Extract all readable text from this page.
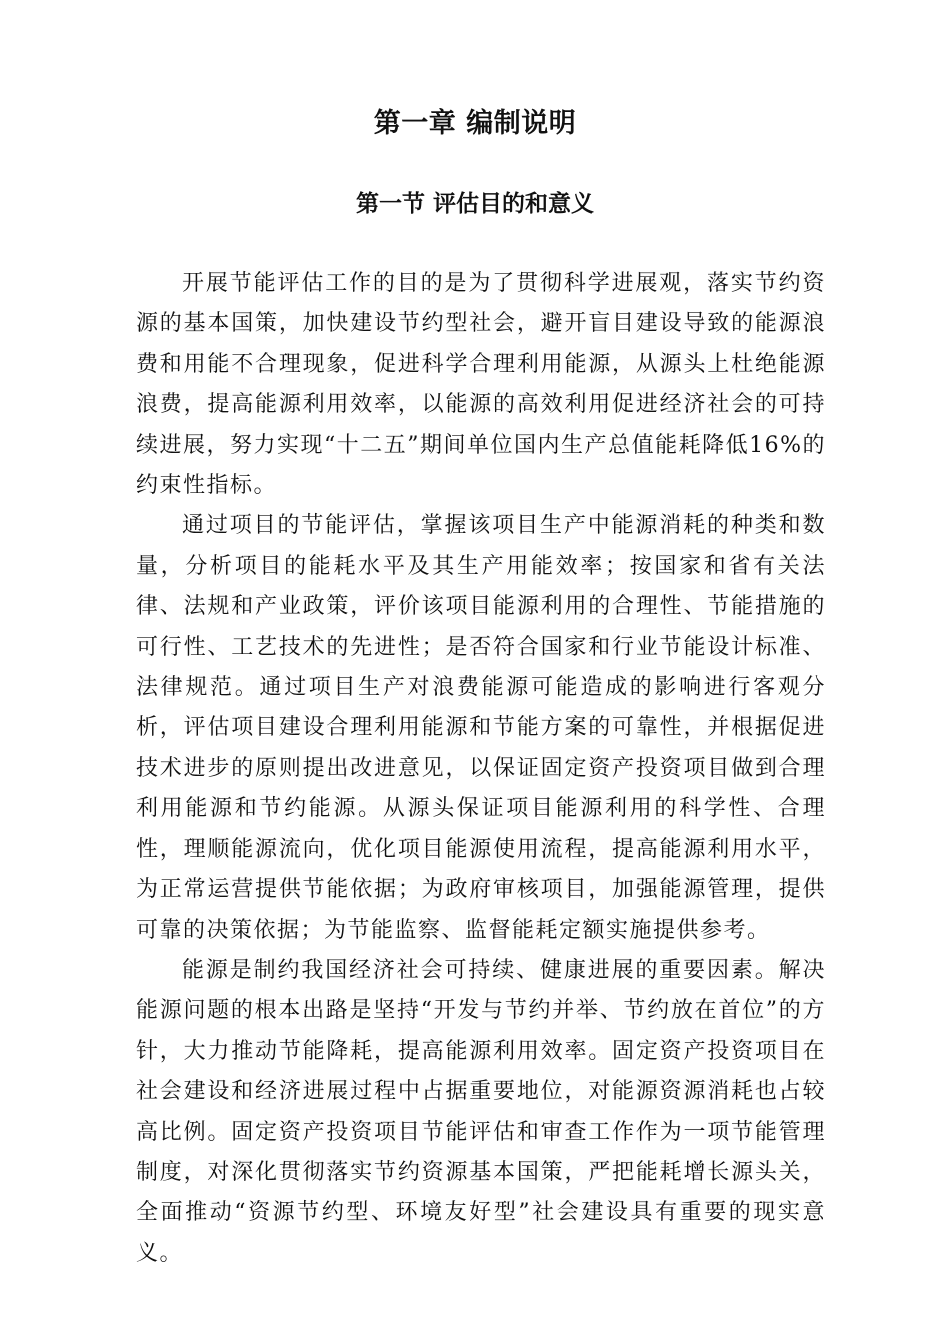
第一章 编制说明
第一节 评估目的和意义

开展节能评估工作的目的是为了贯彻科学进展观，落实节约资源的基本国策，加快建设节约型社会，避开盲目建设导致的能源浪费和用能不合理现象，促进科学合理利用能源，从源头上杜绝能源浪费，提高能源利用效率，以能源的高效利用促进经济社会的可持续进展，努力实现“十二五”期间单位国内生产总值能耗降低16%的约束性指标。

通过项目的节能评估，掌握该项目生产中能源消耗的种类和数量，分析项目的能耗水平及其生产用能效率；按国家和省有关法律、法规和产业政策，评价该项目能源利用的合理性、节能措施的可行性、工艺技术的先进性；是否符合国家和行业节能设计标准、法律规范。通过项目生产对浪费能源可能造成的影响进行客观分析，评估项目建设合理利用能源和节能方案的可靠性，并根据促进技术进步的原则提出改进意见，以保证固定资产投资项目做到合理利用能源和节约能源。从源头保证项目能源利用的科学性、合理性，理顺能源流向，优化项目能源使用流程，提高能源利用水平，为正常运营提供节能依据；为政府审核项目，加强能源管理，提供可靠的决策依据；为节能监察、监督能耗定额实施提供参考。

能源是制约我国经济社会可持续、健康进展的重要因素。解决能源问题的根本出路是坚持“开发与节约并举、节约放在首位”的方针，大力推动节能降耗，提高能源利用效率。固定资产投资项目在社会建设和经济进展过程中占据重要地位，对能源资源消耗也占较高比例。固定资产投资项目节能评估和审查工作作为一项节能管理制度，对深化贯彻落实节约资源基本国策，严把能耗增长源头关，全面推动“资源节约型、环境友好型”社会建设具有重要的现实意义。
